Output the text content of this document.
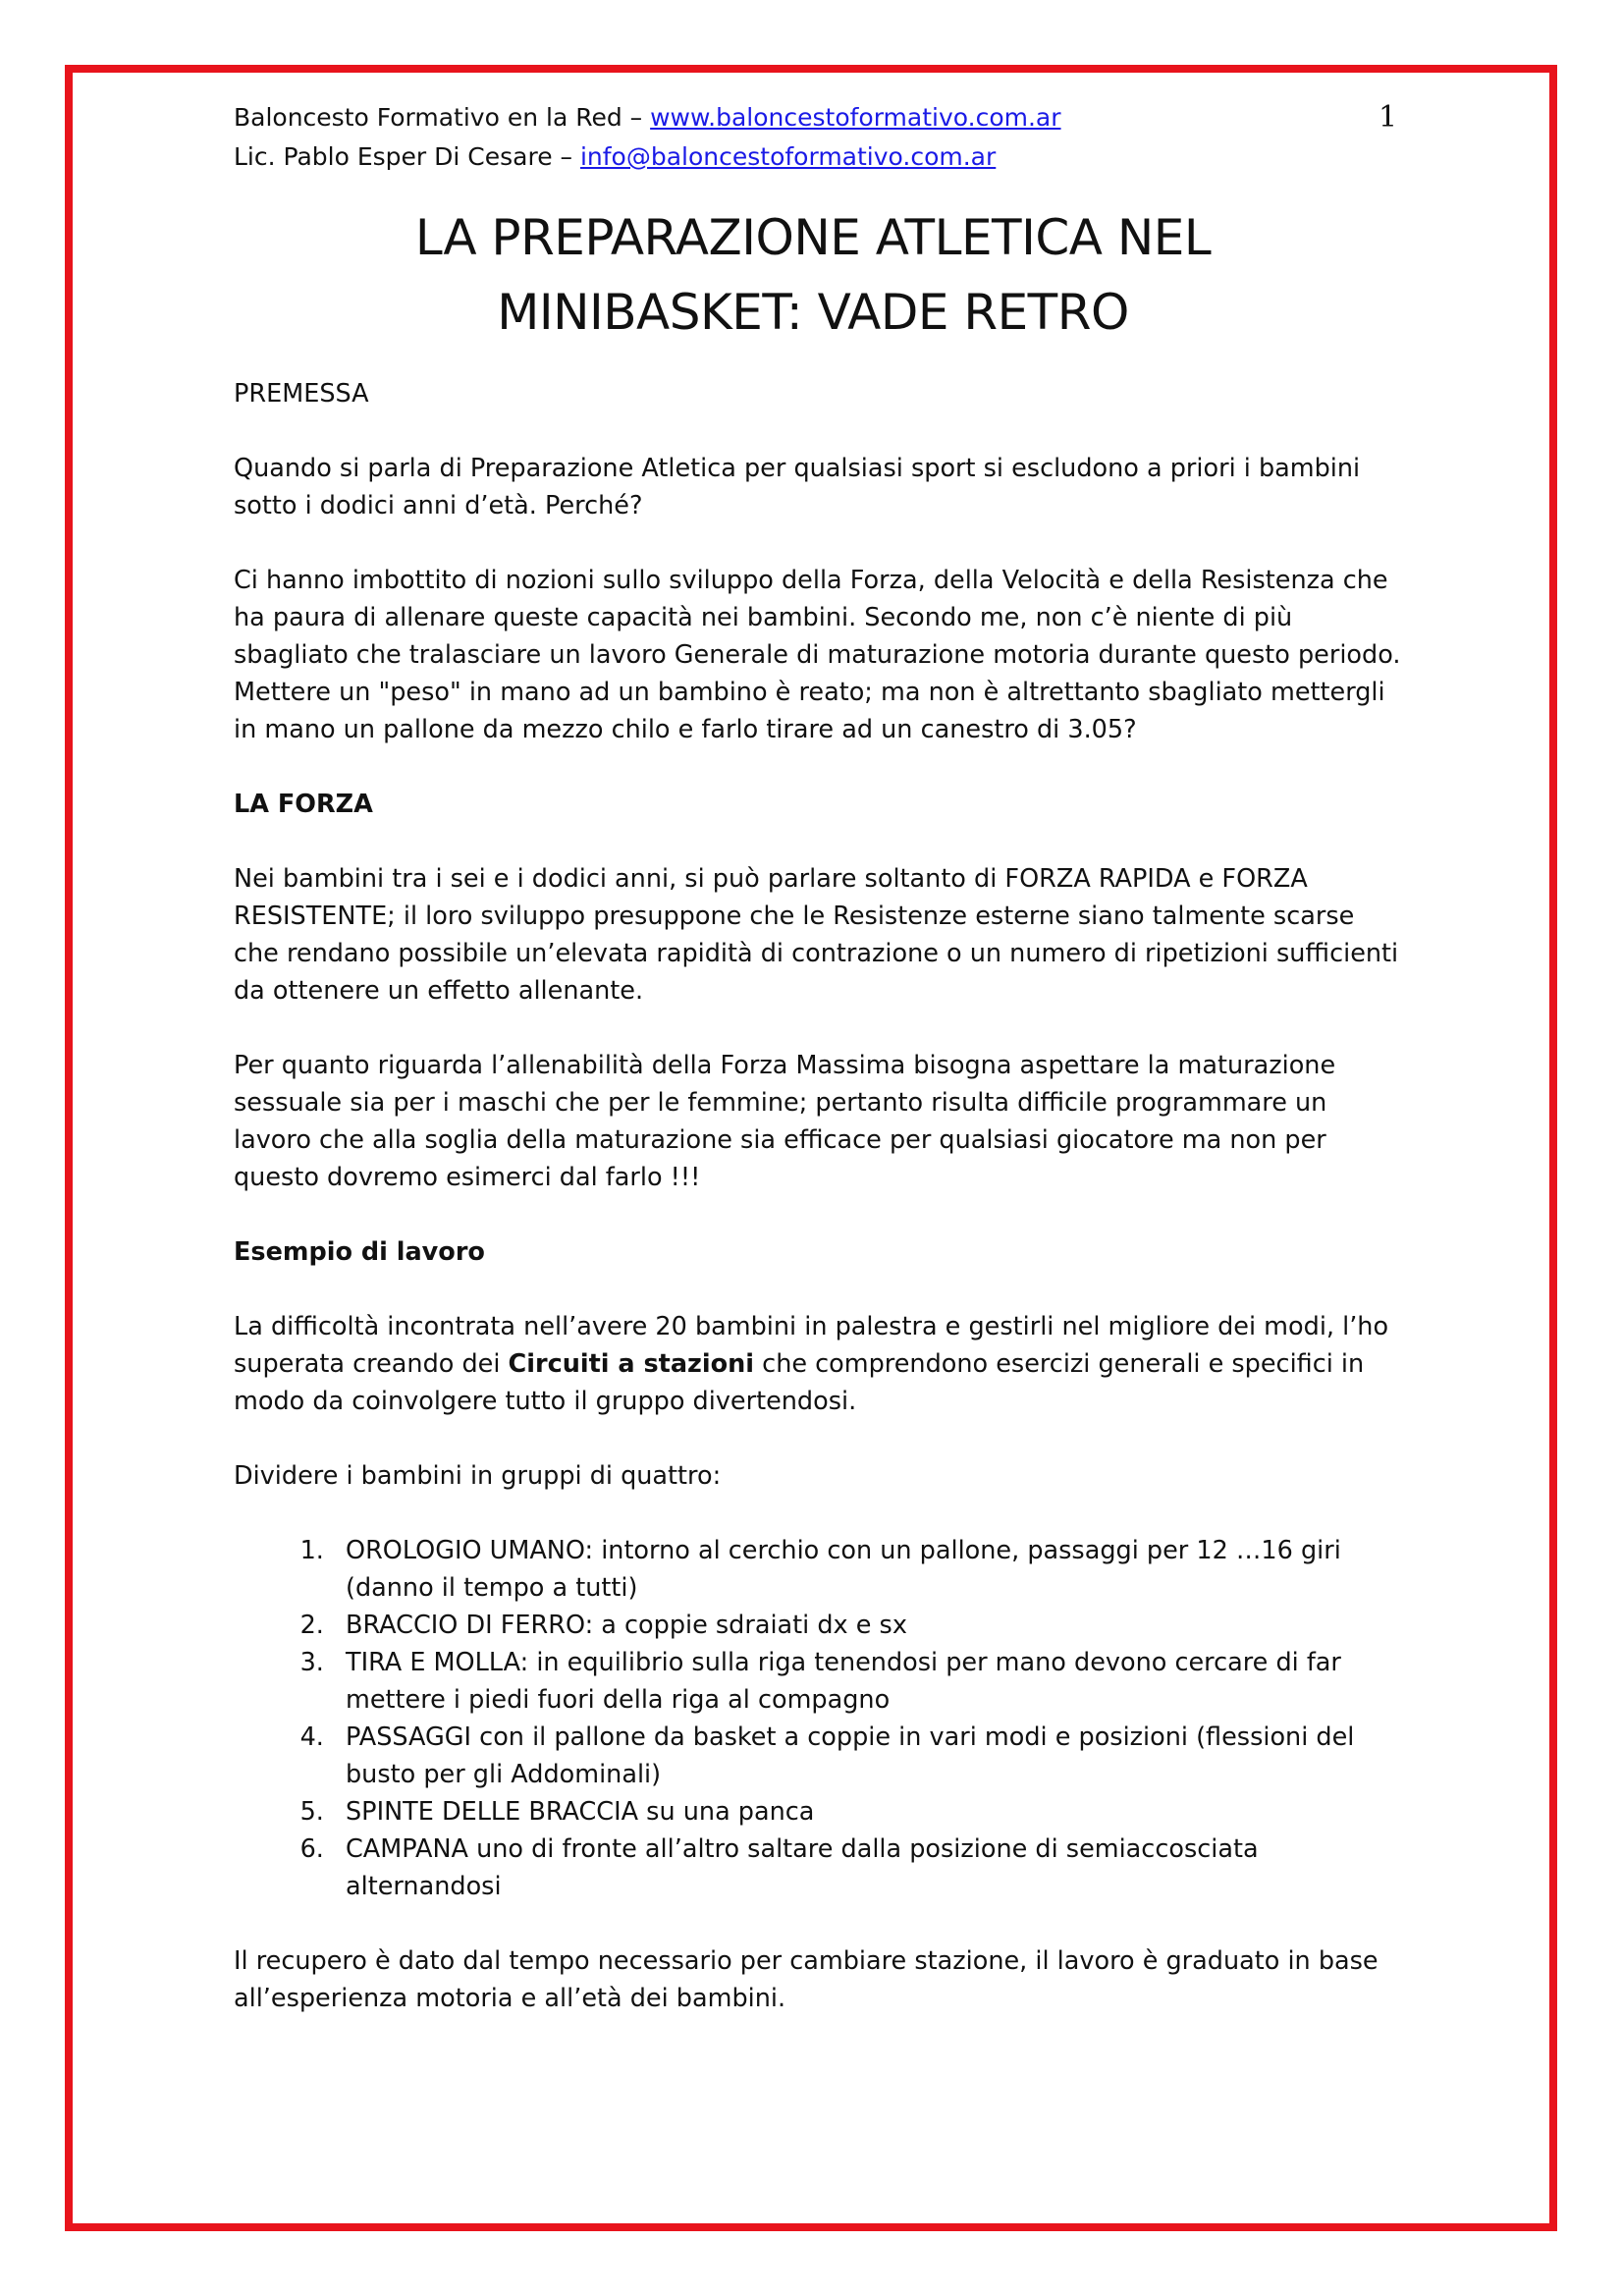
Baloncesto Formativo en la Red – www.baloncestoformativo.com.ar
Lic. Pablo Esper Di Cesare – info@baloncestoformativo.com.ar
1
LA PREPARAZIONE ATLETICA NEL
MINIBASKET: VADE RETRO

PREMESSA

Quando si parla di Preparazione Atletica per qualsiasi sport si escludono a priori i bambini sotto i dodici anni d’età. Perché?

Ci hanno imbottito di nozioni sullo sviluppo della Forza, della Velocità e della Resistenza che ha paura di allenare queste capacità nei bambini. Secondo me, non c’è niente di più sbagliato che tralasciare un lavoro Generale di maturazione motoria durante questo periodo. Mettere un "peso" in mano ad un bambino è reato; ma non è altrettanto sbagliato mettergli in mano un pallone da mezzo chilo e farlo tirare ad un canestro di 3.05?

LA FORZA

Nei bambini tra i sei e i dodici anni, si può parlare soltanto di FORZA RAPIDA e FORZA RESISTENTE; il loro sviluppo presuppone che le Resistenze esterne siano talmente scarse che rendano possibile un’elevata rapidità di contrazione o un numero di ripetizioni sufficienti da ottenere un effetto allenante.

Per quanto riguarda l’allenabilità della Forza Massima bisogna aspettare la maturazione sessuale sia per i maschi che per le femmine; pertanto risulta difficile programmare un lavoro che alla soglia della maturazione sia efficace per qualsiasi giocatore ma non per questo dovremo esimerci dal farlo !!!

Esempio di lavoro

La difficoltà incontrata nell’avere 20 bambini in palestra e gestirli nel migliore dei modi, l’ho superata creando dei Circuiti a stazioni che comprendono esercizi generali e specifici in modo da coinvolgere tutto il gruppo divertendosi.

Dividere i bambini in gruppi di quattro:

1. OROLOGIO UMANO: intorno al cerchio con un pallone, passaggi per 12 …16 giri (danno il tempo a tutti)
2. BRACCIO DI FERRO: a coppie sdraiati dx e sx
3. TIRA E MOLLA: in equilibrio sulla riga tenendosi per mano devono cercare di far mettere i piedi fuori della riga al compagno
4. PASSAGGI con il pallone da basket a coppie in vari modi e posizioni (flessioni del busto per gli Addominali)
5. SPINTE DELLE BRACCIA su una panca
6. CAMPANA uno di fronte all’altro saltare dalla posizione di semiaccosciata alternandosi

Il recupero è dato dal tempo necessario per cambiare stazione, il lavoro è graduato in base all’esperienza motoria e all’età dei bambini.
